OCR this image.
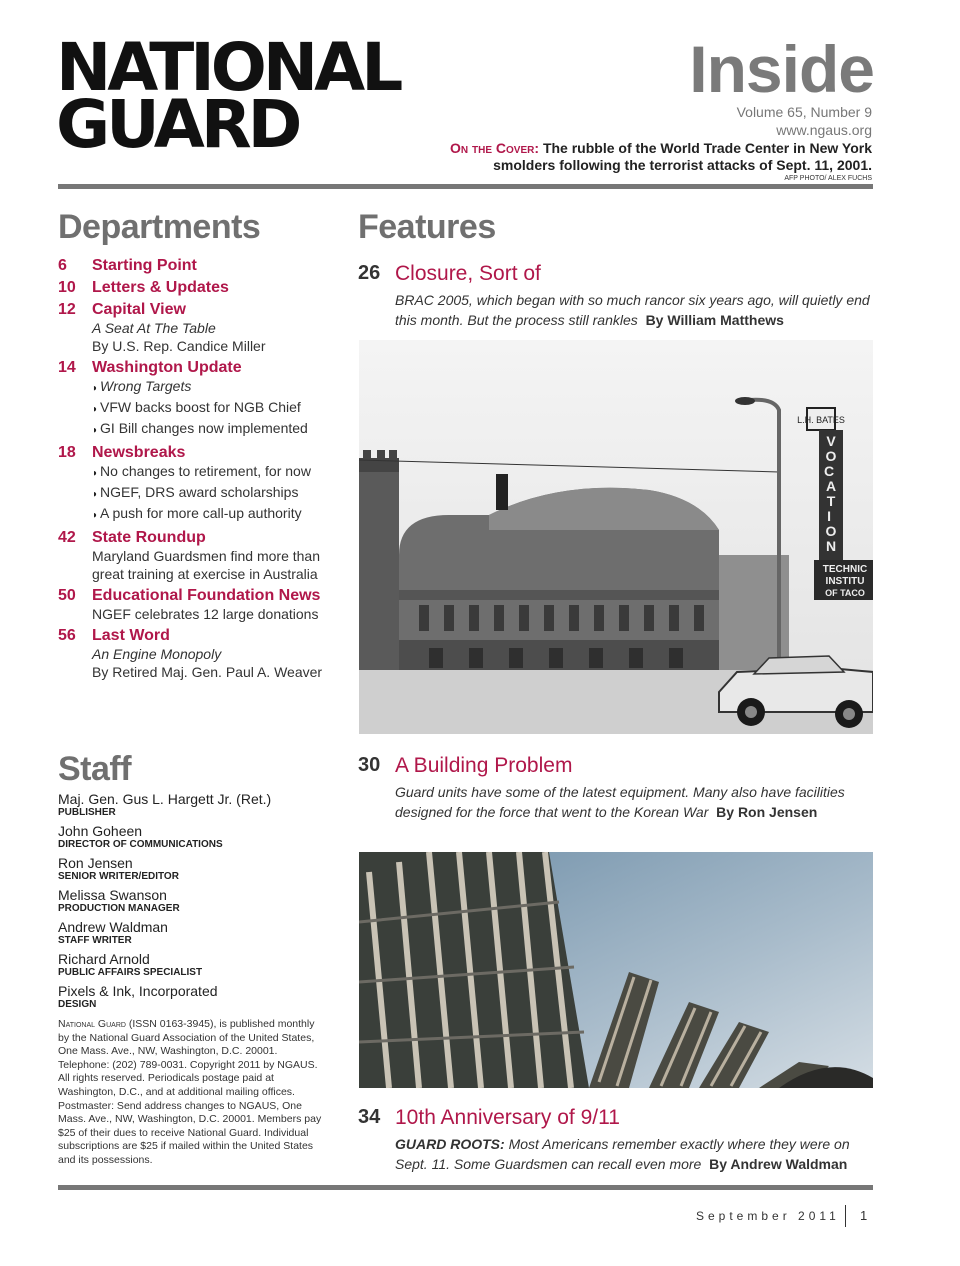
NATIONAL
GUARD
Inside
Volume 65, Number 9
www.ngaus.org
On the Cover: The rubble of the World Trade Center in New York smolders following the terrorist attacks of Sept. 11, 2001.
AFP PHOTO/ ALEX FUCHS
Departments
6	Starting Point
10	Letters & Updates
12	Capital View
A Seat At The Table
By U.S. Rep. Candice Miller
14	Washington Update
◗ Wrong Targets
◗ VFW backs boost for NGB Chief
◗ GI Bill changes now implemented
18	Newsbreaks
◗ No changes to retirement, for now
◗ NGEF, DRS award scholarships
◗ A push for more call-up authority
42	State Roundup
Maryland Guardsmen find more than
great training at exercise in Australia
50	Educational Foundation News
NGEF celebrates 12 large donations
56	Last Word
An Engine Monopoly
By Retired Maj. Gen. Paul A. Weaver
Staff
Maj. Gen. Gus L. Hargett Jr. (Ret.)
PUBLISHER
John Goheen
DIRECTOR OF COMMUNICATIONS
Ron Jensen
SENIOR WRITER/EDITOR
Melissa Swanson
PRODUCTION MANAGER
Andrew Waldman
STAFF WRITER
Richard Arnold
PUBLIC AFFAIRS SPECIALIST
Pixels & Ink, Incorporated
DESIGN
National Guard (ISSN 0163-3945), is published monthly by the National Guard Association of the United States, One Mass. Ave., NW, Washington, D.C. 20001. Telephone: (202) 789-0031. Copyright 2011 by NGAUS. All rights reserved. Periodicals postage paid at Washington, D.C., and at additional mailing offices. Postmaster: Send address changes to NGAUS, One Mass. Ave., NW, Washington, D.C. 20001. Members pay $25 of their dues to receive National Guard. Individual subscriptions are $25 if mailed within the United States and its possessions.
Features
26 Closure, Sort of
BRAC 2005, which began with so much rancor six years ago, will quietly end this month. But the process still rankles By William Matthews
L.H. BATES
V O C A T I O N
TECHNIC
INSTITU
OF TACO
30 A Building Problem
Guard units have some of the latest equipment. Many also have facilities designed for the force that went to the Korean War By Ron Jensen
34 10th Anniversary of 9/11
GUARD ROOTS: Most Americans remember exactly where they were on Sept. 11. Some Guardsmen can recall even more By Andrew Waldman
September 2011 1
